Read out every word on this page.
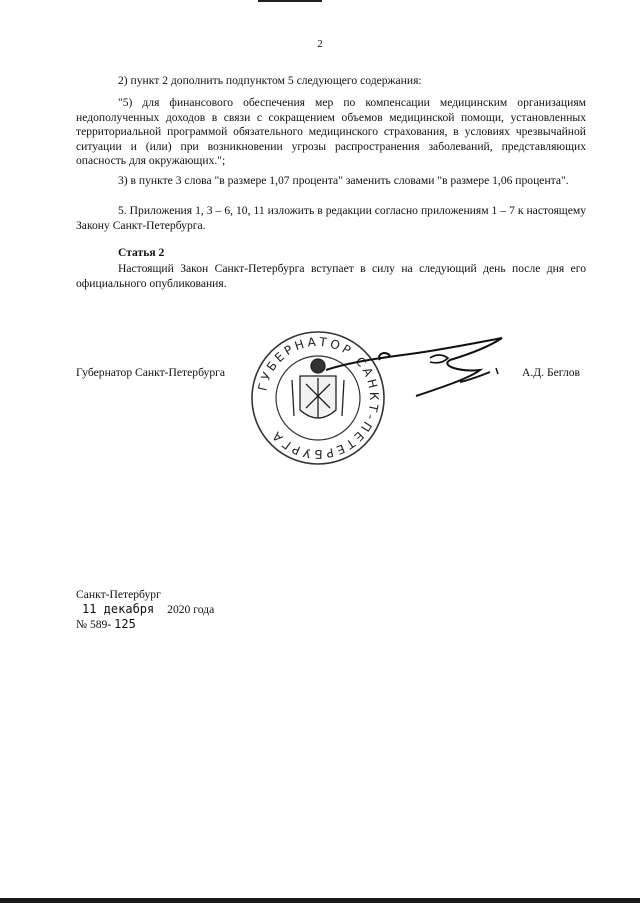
2
2) пункт 2 дополнить подпунктом 5 следующего содержания:
"5) для финансового обеспечения мер по компенсации медицинским организациям недополученных доходов в связи с сокращением объемов медицинской помощи, установленных территориальной программой обязательного медицинского страхования, в условиях чрезвычайной ситуации и (или) при возникновении угрозы распространения заболеваний, представляющих опасность для окружающих.";
3) в пункте 3 слова "в размере 1,07 процента" заменить словами "в размере 1,06 процента".
5. Приложения 1, 3 – 6, 10, 11 изложить в редакции согласно приложениям 1 – 7 к настоящему Закону Санкт-Петербурга.
Статья 2
Настоящий Закон Санкт-Петербурга вступает в силу на следующий день после дня его официального опубликования.
Губернатор Санкт-Петербурга
ГУБЕРНАТОР САНКТ-ПЕТЕРБУРГА
А.Д. Беглов
Санкт-Петербург
11 декабря 2020 года
№ 589- 125
